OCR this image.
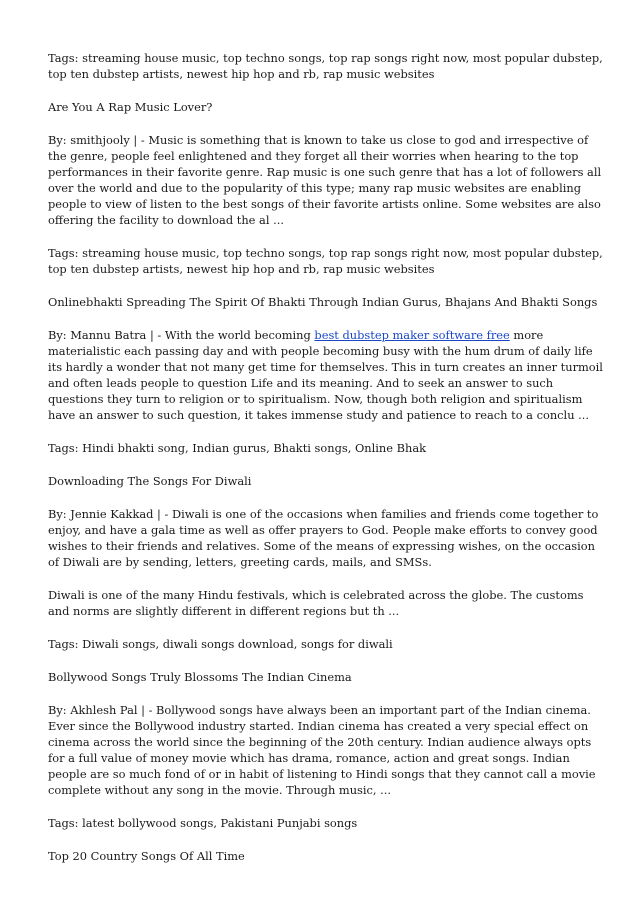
Tags: streaming house music, top techno songs, top rap songs right now, most popular dubstep, top ten dubstep artists, newest hip hop and rb, rap music websites

Are You A Rap Music Lover?

By: smithjooly | - Music is something that is known to take us close to god and irrespective of the genre, people feel enlightened and they forget all their worries when hearing to the top performances in their favorite genre. Rap music is one such genre that has a lot of followers all over the world and due to the popularity of this type; many rap music websites are enabling people to view of listen to the best songs of their favorite artists online. Some websites are also offering the facility to download the al ...

Tags: streaming house music, top techno songs, top rap songs right now, most popular dubstep, top ten dubstep artists, newest hip hop and rb, rap music websites

Onlinebhakti Spreading The Spirit Of Bhakti Through Indian Gurus, Bhajans And Bhakti Songs

By: Mannu Batra | - With the world becoming best dubstep maker software free more materialistic each passing day and with people becoming busy with the hum drum of daily life its hardly a wonder that not many get time for themselves. This in turn creates an inner turmoil and often leads people to question Life and its meaning. And to seek an answer to such questions they turn to religion or to spiritualism. Now, though both religion and spiritualism have an answer to such question, it takes immense study and patience to reach to a conclu ...

Tags: Hindi bhakti song, Indian gurus, Bhakti songs, Online Bhak

Downloading The Songs For Diwali

By: Jennie Kakkad | - Diwali is one of the occasions when families and friends come together to enjoy, and have a gala time as well as offer prayers to God. People make efforts to convey good wishes to their friends and relatives. Some of the means of expressing wishes, on the occasion of Diwali are by sending, letters, greeting cards, mails, and SMSs.

Diwali is one of the many Hindu festivals, which is celebrated across the globe. The customs and norms are slightly different in different regions but th ...

Tags: Diwali songs, diwali songs download, songs for diwali

Bollywood Songs Truly Blossoms The Indian Cinema

By: Akhlesh Pal | - Bollywood songs have always been an important part of the Indian cinema. Ever since the Bollywood industry started. Indian cinema has created a very special effect on cinema across the world since the beginning of the 20th century. Indian audience always opts for a full value of money movie which has drama, romance, action and great songs. Indian people are so much fond of or in habit of listening to Hindi songs that they cannot call a movie complete without any song in the movie. Through music, ...

Tags: latest bollywood songs, Pakistani Punjabi songs

Top 20 Country Songs Of All Time
